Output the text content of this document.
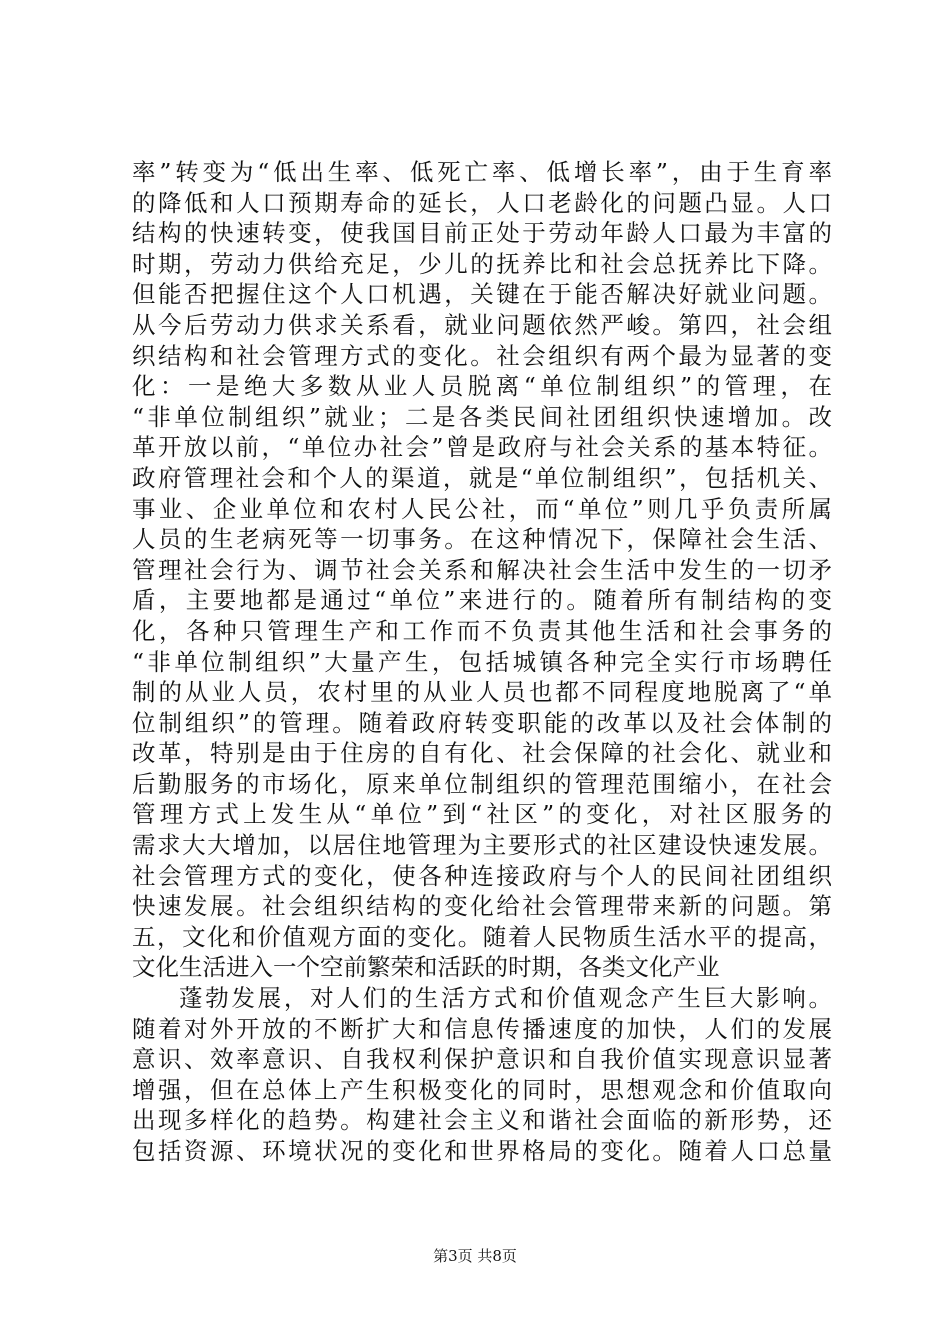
率”转变为“低出生率、低死亡率、低增长率”，由于生育率
的降低和人口预期寿命的延长，人口老龄化的问题凸显。人口
结构的快速转变，使我国目前正处于劳动年龄人口最为丰富的
时期，劳动力供给充足，少儿的抚养比和社会总抚养比下降。
但能否把握住这个人口机遇，关键在于能否解决好就业问题。
从今后劳动力供求关系看，就业问题依然严峻。第四，社会组
织结构和社会管理方式的变化。社会组织有两个最为显著的变
化：一是绝大多数从业人员脱离“单位制组织”的管理，在
“非单位制组织”就业；二是各类民间社团组织快速增加。改
革开放以前，“单位办社会”曾是政府与社会关系的基本特征。
政府管理社会和个人的渠道，就是“单位制组织”，包括机关、
事业、企业单位和农村人民公社，而“单位”则几乎负责所属
人员的生老病死等一切事务。在这种情况下，保障社会生活、
管理社会行为、调节社会关系和解决社会生活中发生的一切矛
盾，主要地都是通过“单位”来进行的。随着所有制结构的变
化，各种只管理生产和工作而不负责其他生活和社会事务的
“非单位制组织”大量产生，包括城镇各种完全实行市场聘任
制的从业人员，农村里的从业人员也都不同程度地脱离了“单
位制组织”的管理。随着政府转变职能的改革以及社会体制的
改革，特别是由于住房的自有化、社会保障的社会化、就业和
后勤服务的市场化，原来单位制组织的管理范围缩小，在社会
管理方式上发生从“单位”到“社区”的变化，对社区服务的
需求大大增加，以居住地管理为主要形式的社区建设快速发展。
社会管理方式的变化，使各种连接政府与个人的民间社团组织
快速发展。社会组织结构的变化给社会管理带来新的问题。第
五，文化和价值观方面的变化。随着人民物质生活水平的提高，
文化生活进入一个空前繁荣和活跃的时期，各类文化产业
蓬勃发展，对人们的生活方式和价值观念产生巨大影响。
随着对外开放的不断扩大和信息传播速度的加快，人们的发展
意识、效率意识、自我权利保护意识和自我价值实现意识显著
增强，但在总体上产生积极变化的同时，思想观念和价值取向
出现多样化的趋势。构建社会主义和谐社会面临的新形势，还
包括资源、环境状况的变化和世界格局的变化。随着人口总量
第3页 共8页
